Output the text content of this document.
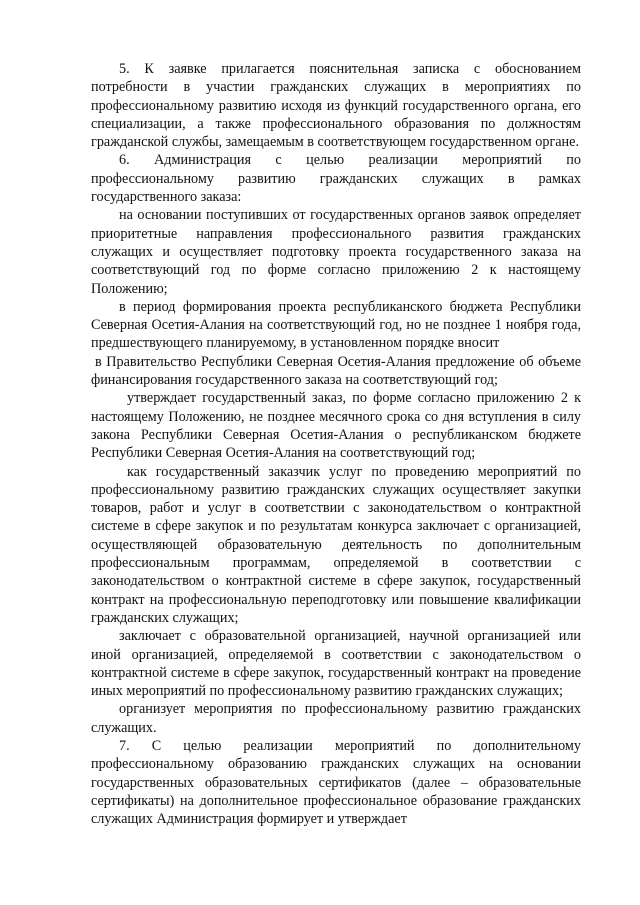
5. К заявке прилагается пояснительная записка с обоснованием потребности в участии гражданских служащих в мероприятиях по профессиональному развитию исходя из функций государственного органа, его специализации, а также профессионального образования по должностям гражданской службы, замещаемым в соответствующем государственном органе.

6. Администрация с целью реализации мероприятий по профессиональному развитию гражданских служащих в рамках государственного заказа:

на основании поступивших от государственных органов заявок определяет приоритетные направления профессионального развития гражданских служащих и осуществляет подготовку проекта государственного заказа на соответствующий год по форме согласно приложению 2 к настоящему Положению;

в период формирования проекта республиканского бюджета Республики Северная Осетия-Алания на соответствующий год, но не позднее 1 ноября года, предшествующего планируемому, в установленном порядке вносит

в Правительство Республики Северная Осетия-Алания предложение об объеме финансирования государственного заказа на соответствующий год;

утверждает государственный заказ, по форме согласно приложению 2 к настоящему Положению, не позднее месячного срока со дня вступления в силу закона Республики Северная Осетия-Алания о республиканском бюджете Республики Северная Осетия-Алания на соответствующий год;

как государственный заказчик услуг по проведению мероприятий по профессиональному развитию гражданских служащих осуществляет закупки товаров, работ и услуг в соответствии с законодательством о контрактной системе в сфере закупок и по результатам конкурса заключает с организацией, осуществляющей образовательную деятельность по дополнительным профессиональным программам, определяемой в соответствии с законодательством о контрактной системе в сфере закупок, государственный контракт на профессиональную переподготовку или повышение квалификации гражданских служащих;

заключает с образовательной организацией, научной организацией или иной организацией, определяемой в соответствии с законодательством о контрактной системе в сфере закупок, государственный контракт на проведение иных мероприятий по профессиональному развитию гражданских служащих;

организует мероприятия по профессиональному развитию гражданских служащих.

7. С целью реализации мероприятий по дополнительному профессиональному образованию гражданских служащих на основании государственных образовательных сертификатов (далее – образовательные сертификаты) на дополнительное профессиональное образование гражданских служащих Администрация формирует и утверждает
